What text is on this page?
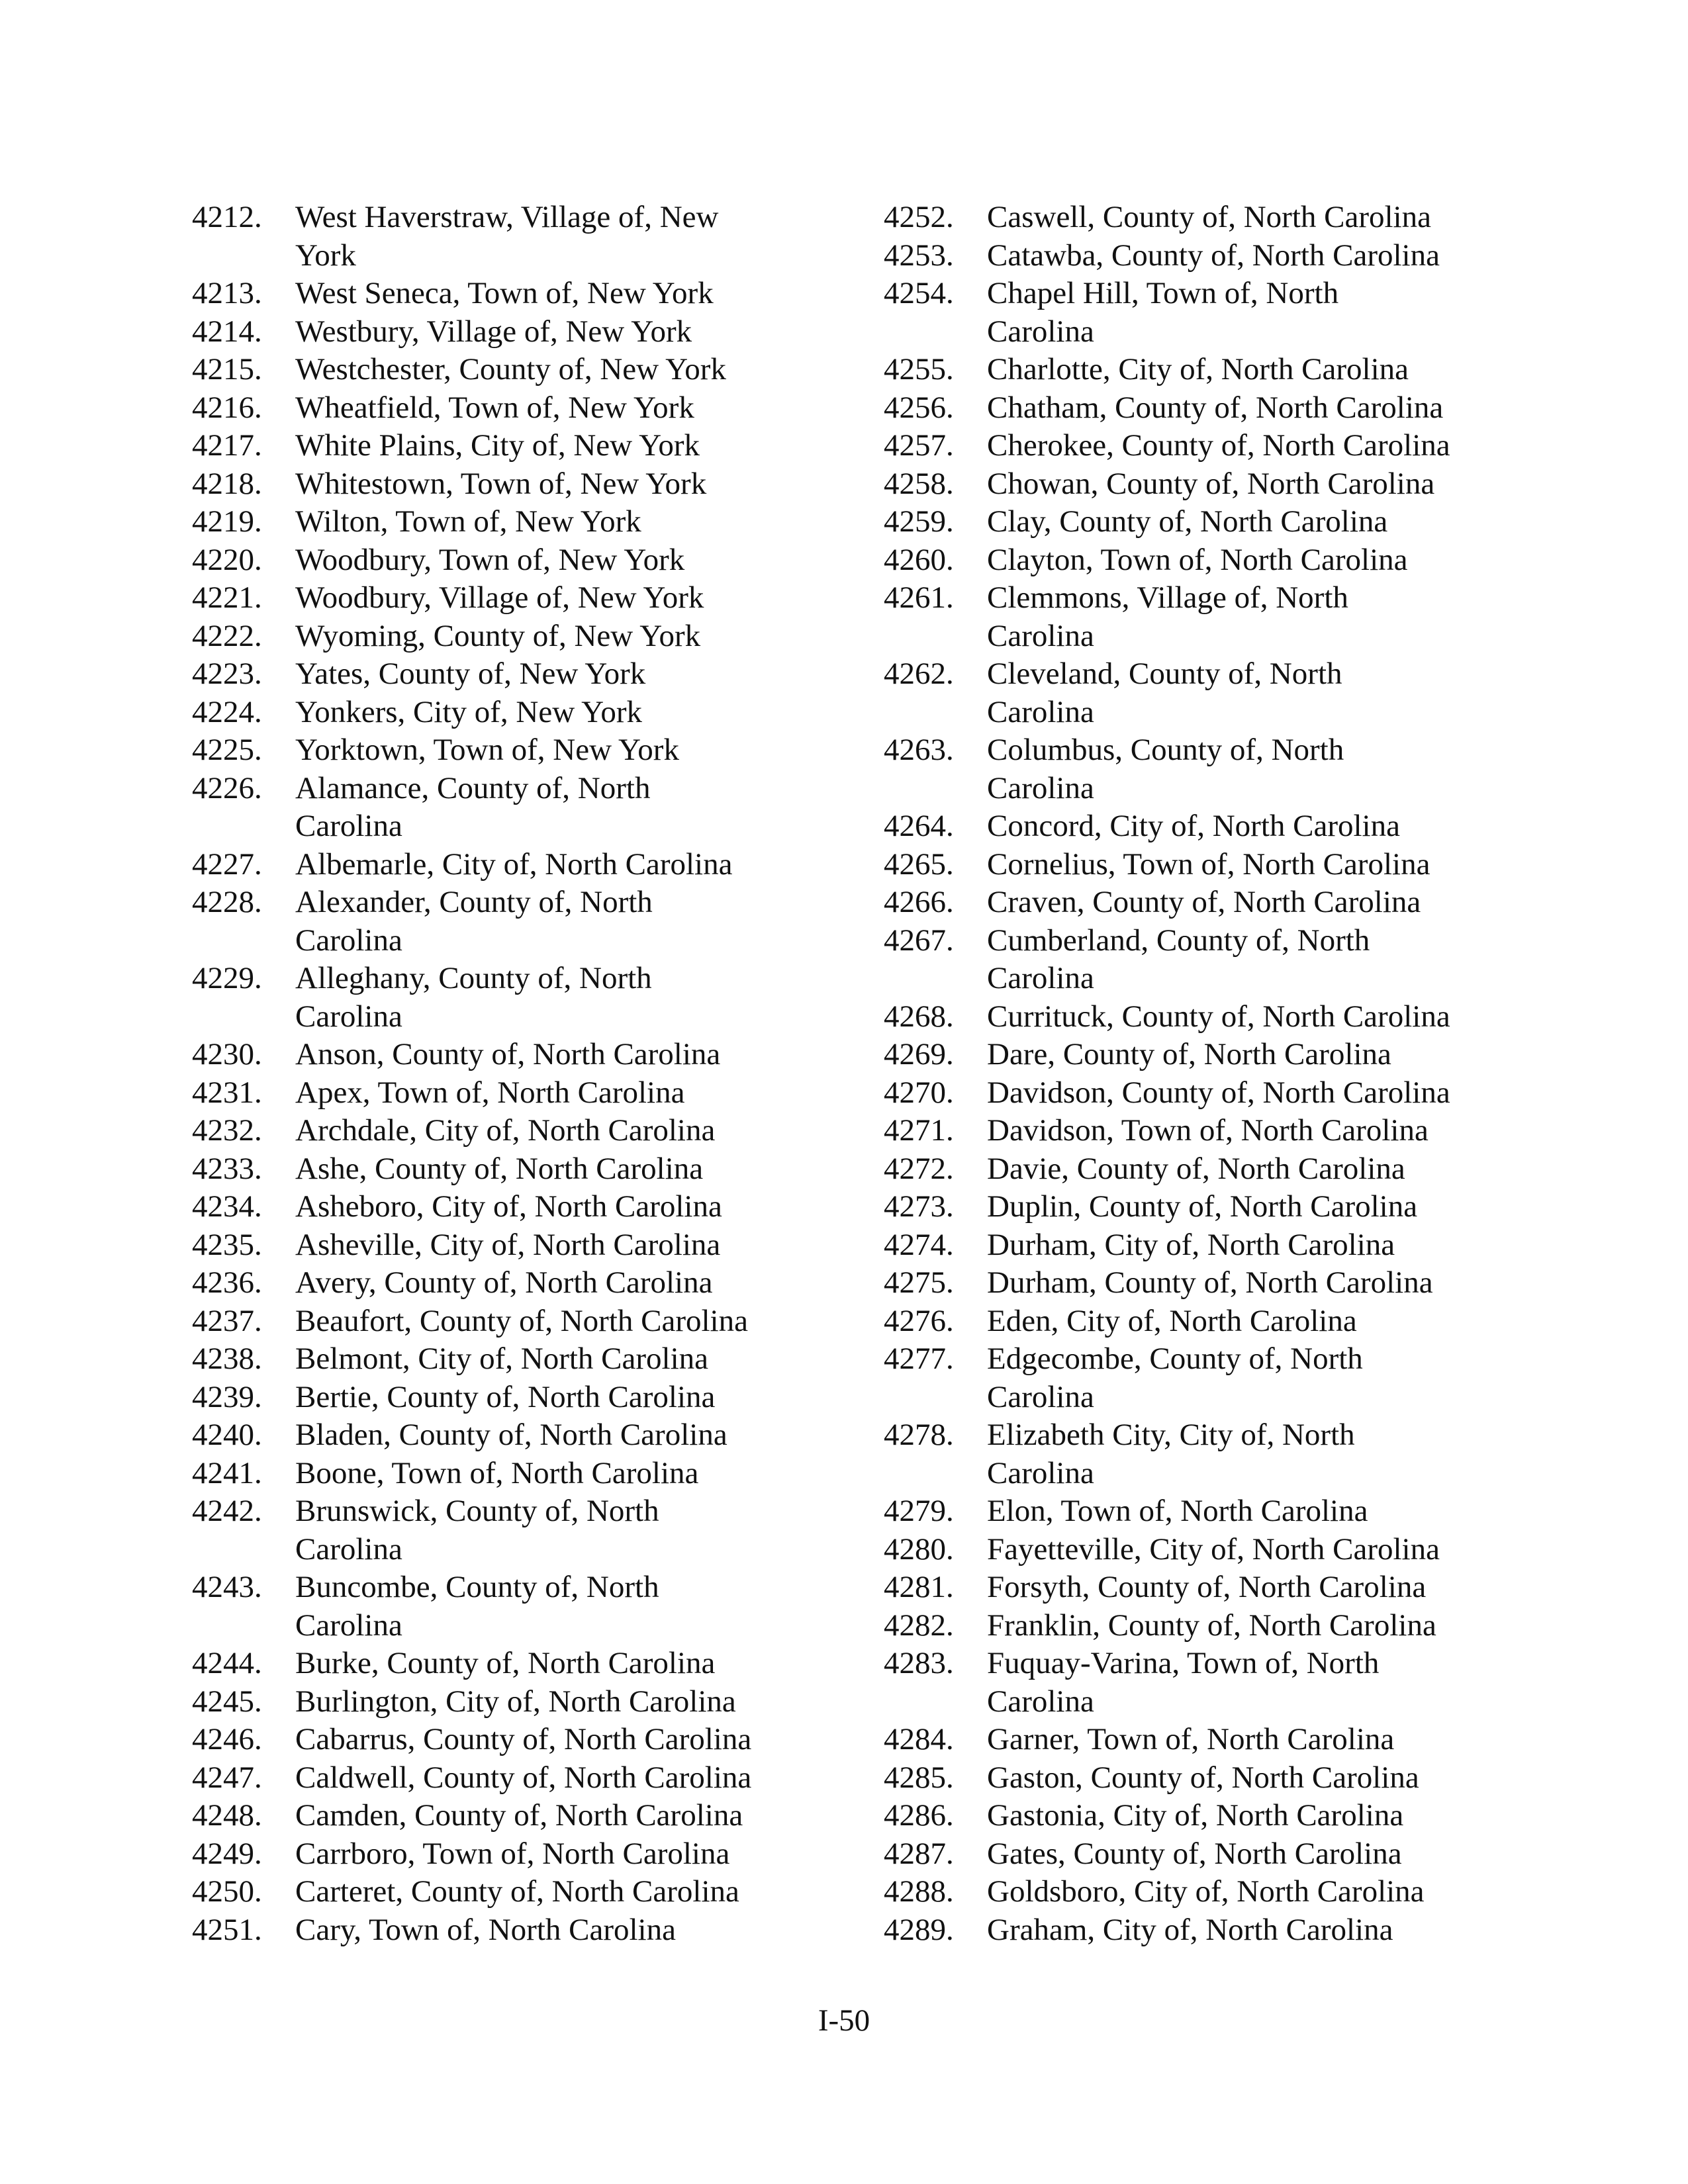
4212.	West Haverstraw, Village of, New
York
4213.	West Seneca, Town of, New York
4214.	Westbury, Village of, New York
4215.	Westchester, County of, New York
4216.	Wheatfield, Town of, New York
4217.	White Plains, City of, New York
4218.	Whitestown, Town of, New York
4219.	Wilton, Town of, New York
4220.	Woodbury, Town of, New York
4221.	Woodbury, Village of, New York
4222.	Wyoming, County of, New York
4223.	Yates, County of, New York
4224.	Yonkers, City of, New York
4225.	Yorktown, Town of, New York
4226.	Alamance, County of, North
Carolina
4227.	Albemarle, City of, North Carolina
4228.	Alexander, County of, North
Carolina
4229.	Alleghany, County of, North
Carolina
4230.	Anson, County of, North Carolina
4231.	Apex, Town of, North Carolina
4232.	Archdale, City of, North Carolina
4233.	Ashe, County of, North Carolina
4234.	Asheboro, City of, North Carolina
4235.	Asheville, City of, North Carolina
4236.	Avery, County of, North Carolina
4237.	Beaufort, County of, North Carolina
4238.	Belmont, City of, North Carolina
4239.	Bertie, County of, North Carolina
4240.	Bladen, County of, North Carolina
4241.	Boone, Town of, North Carolina
4242.	Brunswick, County of, North
Carolina
4243.	Buncombe, County of, North
Carolina
4244.	Burke, County of, North Carolina
4245.	Burlington, City of, North Carolina
4246.	Cabarrus, County of, North Carolina
4247.	Caldwell, County of, North Carolina
4248.	Camden, County of, North Carolina
4249.	Carrboro, Town of, North Carolina
4250.	Carteret, County of, North Carolina
4251.	Cary, Town of, North Carolina
4252.	Caswell, County of, North Carolina
4253.	Catawba, County of, North Carolina
4254.	Chapel Hill, Town of, North
Carolina
4255.	Charlotte, City of, North Carolina
4256.	Chatham, County of, North Carolina
4257.	Cherokee, County of, North Carolina
4258.	Chowan, County of, North Carolina
4259.	Clay, County of, North Carolina
4260.	Clayton, Town of, North Carolina
4261.	Clemmons, Village of, North
Carolina
4262.	Cleveland, County of, North
Carolina
4263.	Columbus, County of, North
Carolina
4264.	Concord, City of, North Carolina
4265.	Cornelius, Town of, North Carolina
4266.	Craven, County of, North Carolina
4267.	Cumberland, County of, North
Carolina
4268.	Currituck, County of, North Carolina
4269.	Dare, County of, North Carolina
4270.	Davidson, County of, North Carolina
4271.	Davidson, Town of, North Carolina
4272.	Davie, County of, North Carolina
4273.	Duplin, County of, North Carolina
4274.	Durham, City of, North Carolina
4275.	Durham, County of, North Carolina
4276.	Eden, City of, North Carolina
4277.	Edgecombe, County of, North
Carolina
4278.	Elizabeth City, City of, North
Carolina
4279.	Elon, Town of, North Carolina
4280.	Fayetteville, City of, North Carolina
4281.	Forsyth, County of, North Carolina
4282.	Franklin, County of, North Carolina
4283.	Fuquay-Varina, Town of, North
Carolina
4284.	Garner, Town of, North Carolina
4285.	Gaston, County of, North Carolina
4286.	Gastonia, City of, North Carolina
4287.	Gates, County of, North Carolina
4288.	Goldsboro, City of, North Carolina
4289.	Graham, City of, North Carolina
I-50
